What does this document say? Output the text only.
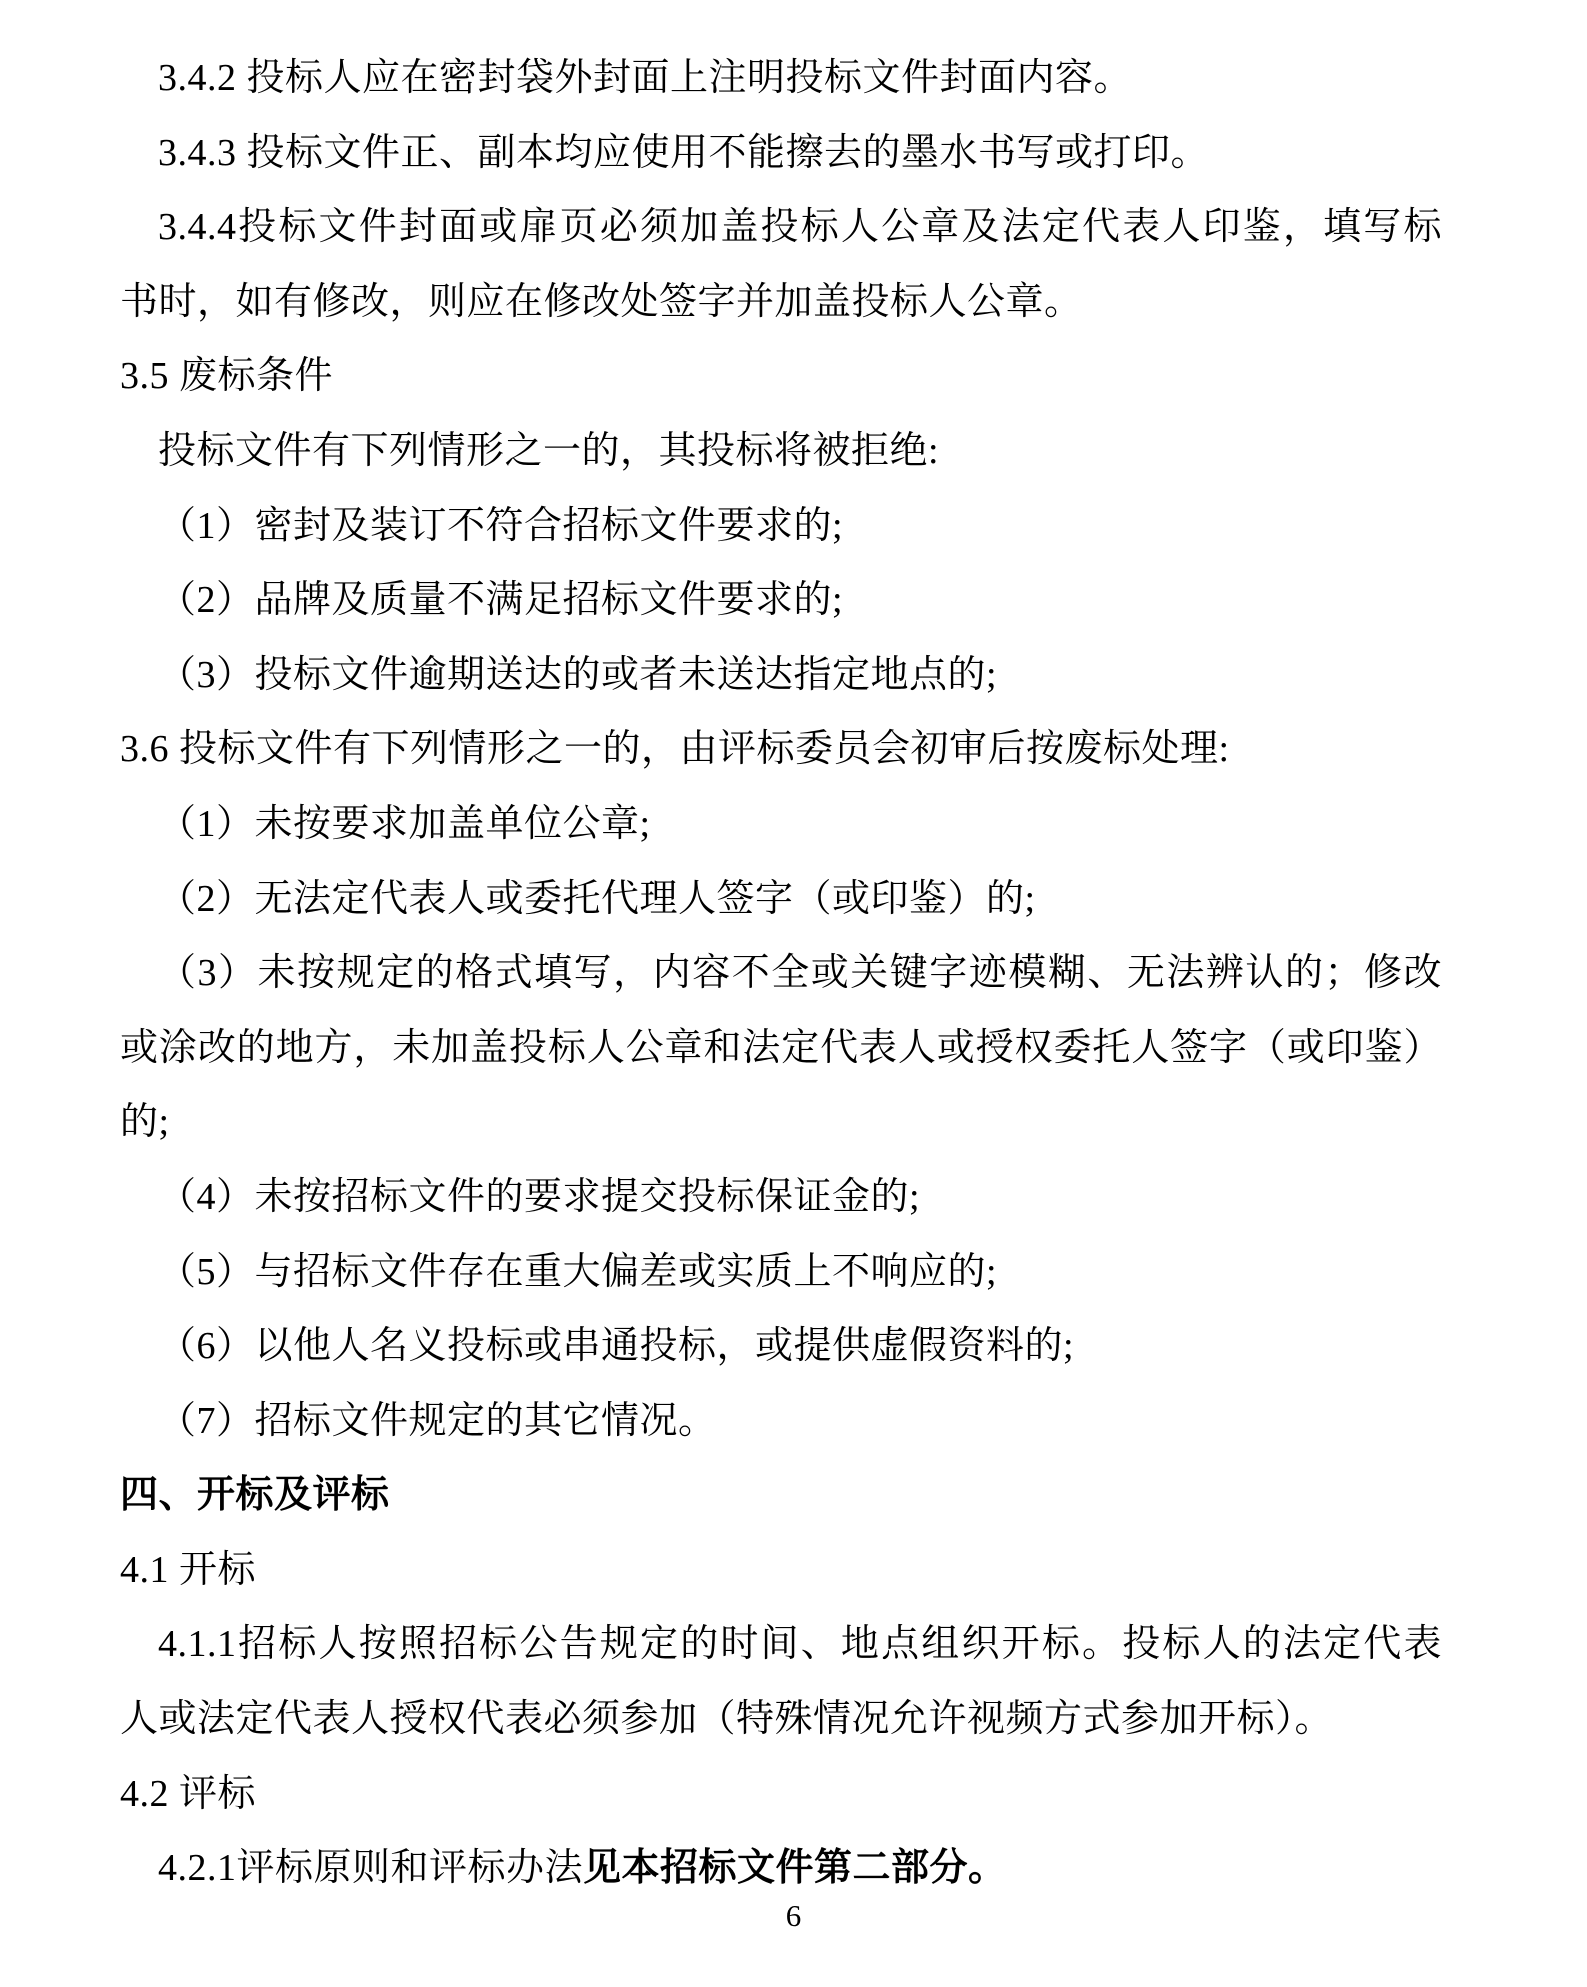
3.4.2 投标人应在密封袋外封面上注明投标文件封面内容。
3.4.3 投标文件正、副本均应使用不能擦去的墨水书写或打印。
3.4.4投标文件封面或扉页必须加盖投标人公章及法定代表人印鉴，填写标
书时，如有修改，则应在修改处签字并加盖投标人公章。
3.5 废标条件
投标文件有下列情形之一的，其投标将被拒绝:
（1）密封及装订不符合招标文件要求的;
（2）品牌及质量不满足招标文件要求的;
（3）投标文件逾期送达的或者未送达指定地点的;
3.6 投标文件有下列情形之一的，由评标委员会初审后按废标处理:
（1）未按要求加盖单位公章;
（2）无法定代表人或委托代理人签字（或印鉴）的;
（3）未按规定的格式填写，内容不全或关键字迹模糊、无法辨认的；修改
或涂改的地方，未加盖投标人公章和法定代表人或授权委托人签字（或印鉴）
的;
（4）未按招标文件的要求提交投标保证金的;
（5）与招标文件存在重大偏差或实质上不响应的;
（6）以他人名义投标或串通投标，或提供虚假资料的;
（7）招标文件规定的其它情况。
四、开标及评标
4.1 开标
4.1.1招标人按照招标公告规定的时间、地点组织开标。投标人的法定代表
人或法定代表人授权代表必须参加（特殊情况允许视频方式参加开标）。
4.2 评标
4.2.1评标原则和评标办法见本招标文件第二部分。
6
